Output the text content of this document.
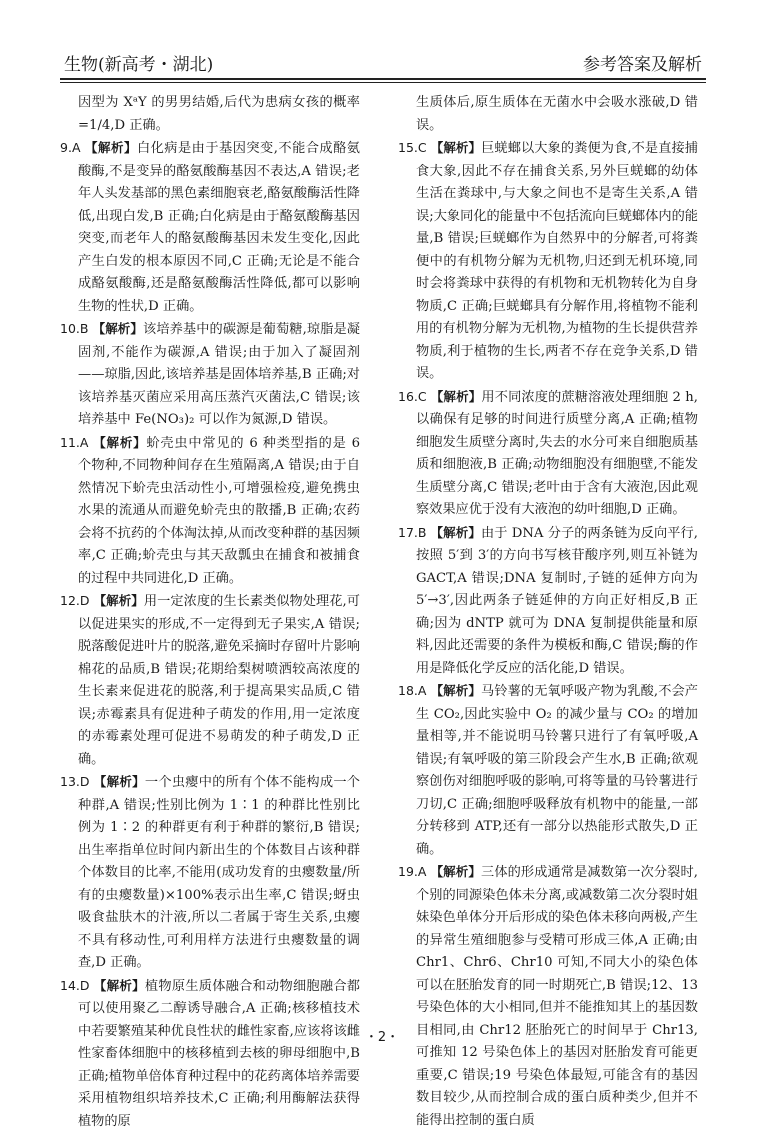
生物(新高考・湖北)	参考答案及解析

因型为 XᵃY 的男男结婚,后代为患病女孩的概率=1/4,D 正确。

9.A 【解析】白化病是由于基因突变,不能合成酪氨酸酶,不是变异的酪氨酸酶基因不表达,A 错误;老年人头发基部的黑色素细胞衰老,酪氨酸酶活性降低,出现白发,B 正确;白化病是由于酪氨酸酶基因突变,而老年人的酪氨酸酶基因未发生变化,因此产生白发的根本原因不同,C 正确;无论是不能合成酪氨酸酶,还是酪氨酸酶活性降低,都可以影响生物的性状,D 正确。

10.B 【解析】该培养基中的碳源是葡萄糖,琼脂是凝固剂,不能作为碳源,A 错误;由于加入了凝固剂——琼脂,因此,该培养基是固体培养基,B 正确;对该培养基灭菌应采用高压蒸汽灭菌法,C 错误;该培养基中 Fe(NO₃)₂ 可以作为氮源,D 错误。

11.A 【解析】蚧壳虫中常见的 6 种类型指的是 6 个物种,不同物种间存在生殖隔离,A 错误;由于自然情况下蚧壳虫活动性小,可增强检疫,避免携虫水果的流通从而避免蚧壳虫的散播,B 正确;农药会将不抗药的个体淘汰掉,从而改变种群的基因频率,C 正确;蚧壳虫与其天敌瓢虫在捕食和被捕食的过程中共同进化,D 正确。

12.D 【解析】用一定浓度的生长素类似物处理花,可以促进果实的形成,不一定得到无子果实,A 错误;脱落酸促进叶片的脱落,避免采摘时存留叶片影响棉花的品质,B 错误;花期给梨树喷洒较高浓度的生长素来促进花的脱落,利于提高果实品质,C 错误;赤霉素具有促进种子萌发的作用,用一定浓度的赤霉素处理可促进不易萌发的种子萌发,D 正确。

13.D 【解析】一个虫瘿中的所有个体不能构成一个种群,A 错误;性别比例为 1∶1 的种群比性别比例为 1∶2 的种群更有利于种群的繁衍,B 错误;出生率指单位时间内新出生的个体数目占该种群个体数目的比率,不能用(成功发育的虫瘿数量/所有的虫瘿数量)×100%表示出生率,C 错误;蚜虫吸食盐肤木的汁液,所以二者属于寄生关系,虫瘿不具有移动性,可利用样方法进行虫瘿数量的调查,D 正确。

14.D 【解析】植物原生质体融合和动物细胞融合都可以使用聚乙二醇诱导融合,A 正确;核移植技术中若要繁殖某种优良性状的雌性家畜,应该将该雌性家畜体细胞中的核移植到去核的卵母细胞中,B 正确;植物单倍体育种过程中的花药离体培养需要采用植物组织培养技术,C 正确;利用酶解法获得植物的原

生质体后,原生质体在无菌水中会吸水涨破,D 错误。

15.C 【解析】巨蜣螂以大象的粪便为食,不是直接捕食大象,因此不存在捕食关系,另外巨蜣螂的幼体生活在粪球中,与大象之间也不是寄生关系,A 错误;大象同化的能量中不包括流向巨蜣螂体内的能量,B 错误;巨蜣螂作为自然界中的分解者,可将粪便中的有机物分解为无机物,归还到无机环境,同时会将粪球中获得的有机物和无机物转化为自身物质,C 正确;巨蜣螂具有分解作用,将植物不能利用的有机物分解为无机物,为植物的生长提供营养物质,利于植物的生长,两者不存在竞争关系,D 错误。

16.C 【解析】用不同浓度的蔗糖溶液处理细胞 2 h,以确保有足够的时间进行质壁分离,A 正确;植物细胞发生质壁分离时,失去的水分可来自细胞质基质和细胞液,B 正确;动物细胞没有细胞壁,不能发生质壁分离,C 错误;老叶由于含有大液泡,因此观察效果应优于没有大液泡的幼叶细胞,D 正确。

17.B 【解析】由于 DNA 分子的两条链为反向平行,按照 5′到 3′的方向书写核苷酸序列,则互补链为 GACT,A 错误;DNA 复制时,子链的延伸方向为 5′→3′,因此两条子链延伸的方向正好相反,B 正确;因为 dNTP 就可为 DNA 复制提供能量和原料,因此还需要的条件为模板和酶,C 错误;酶的作用是降低化学反应的活化能,D 错误。

18.A 【解析】马铃薯的无氧呼吸产物为乳酸,不会产生 CO₂,因此实验中 O₂ 的减少量与 CO₂ 的增加量相等,并不能说明马铃薯只进行了有氧呼吸,A 错误;有氧呼吸的第三阶段会产生水,B 正确;欲观察创伤对细胞呼吸的影响,可将等量的马铃薯进行刀切,C 正确;细胞呼吸释放有机物中的能量,一部分转移到 ATP,还有一部分以热能形式散失,D 正确。

19.A 【解析】三体的形成通常是减数第一次分裂时,个别的同源染色体未分离,或减数第二次分裂时姐妹染色单体分开后形成的染色体未移向两极,产生的异常生殖细胞参与受精可形成三体,A 正确;由 Chr1、Chr6、Chr10 可知,不同大小的染色体可以在胚胎发育的同一时期死亡,B 错误;12、13 号染色体的大小相同,但并不能推知其上的基因数目相同,由 Chr12 胚胎死亡的时间早于 Chr13,可推知 12 号染色体上的基因对胚胎发育可能更重要,C 错误;19 号染色体最短,可能含有的基因数目较少,从而控制合成的蛋白质种类少,但并不能得出控制的蛋白质

・2・
